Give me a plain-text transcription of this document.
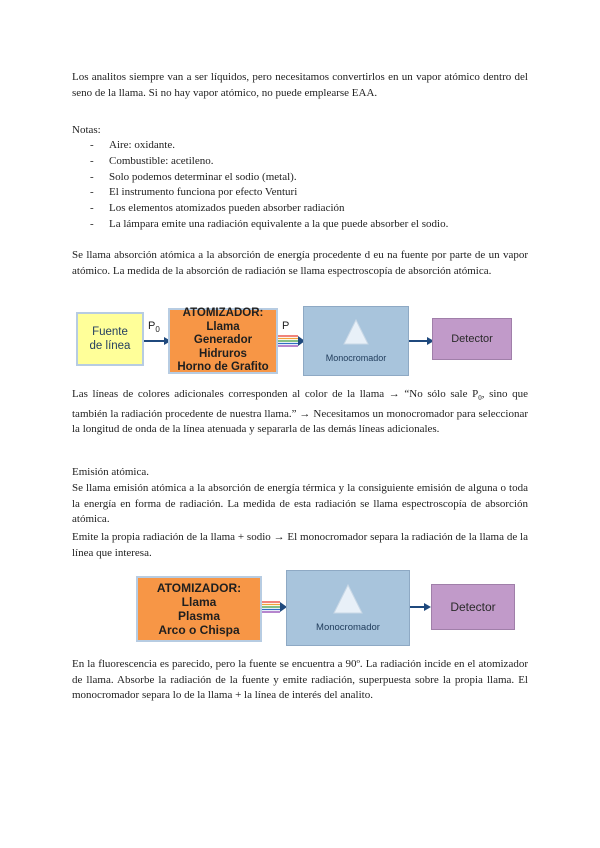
Los analitos siempre van a ser líquidos, pero necesitamos convertirlos en un vapor atómico dentro del seno de la llama. Si no hay vapor atómico, no puede emplearse EAA.

Notas:

- Aire: oxidante.
- Combustible: acetileno.
- Solo podemos determinar el sodio (metal).
- El instrumento funciona por efecto Venturi
- Los elementos atomizados pueden absorber radiación
- La lámpara emite una radiación equivalente a la que puede absorber el sodio.

Se llama absorción atómica a la absorción de energía procedente d eu na fuente por parte de un vapor atómico. La medida de la absorción de radiación se llama espectroscopía de absorción atómica.

Fuente
de línea
$P_0$
ATOMIZADOR:
Llama
Generador Hidruros
Horno de Grafito
P
Monocromador
Detector

Las líneas de colores adicionales corresponden al color de la llama → “No sólo sale $P_0$, sino que también la radiación procedente de nuestra llama.” → Necesitamos un monocromador para seleccionar la longitud de onda de la línea atenuada y separarla de las demás líneas adicionales.

Emisión atómica.

Se llama emisión atómica a la absorción de energía térmica y la consiguiente emisión de alguna o toda la energía en forma de radiación. La medida de esta radiación se llama espectroscopía de absorción atómica.

Emite la propia radiación de la llama + sodio → El monocromador separa la radiación de la llama de la línea que interesa.

ATOMIZADOR:
Llama
Plasma
Arco o Chispa	Monocromador
Detector

En la fluorescencia es parecido, pero la fuente se encuentra a 90º. La radiación incide en el atomizador de llama. Absorbe la radiación de la fuente y emite radiación, superpuesta sobre la propia llama. El monocromador separa lo de la llama + la línea de interés del analito.
